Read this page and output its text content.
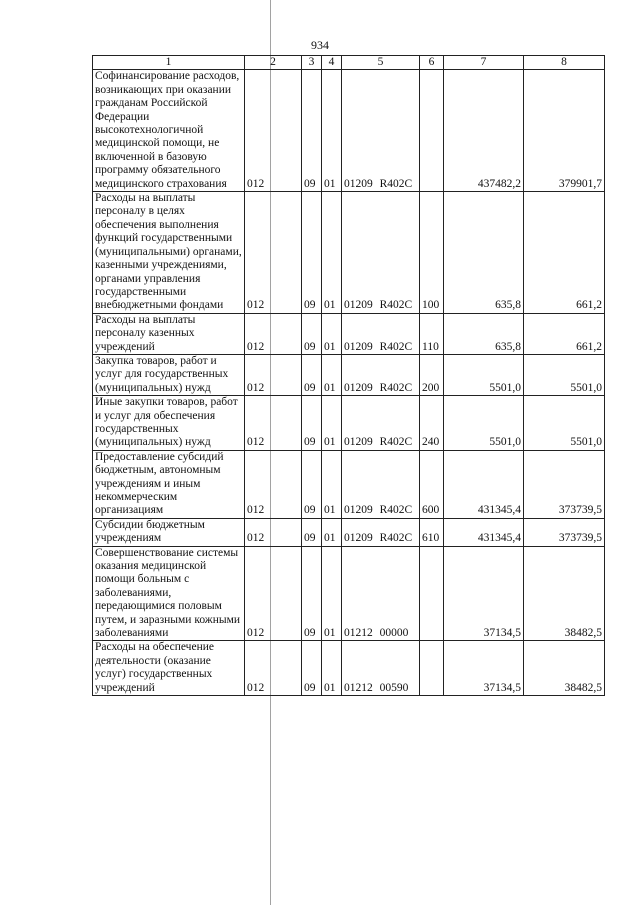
934
1	2	3	4	5	6	7	8
Софинансирование расходов, возникающих при оказании гражданам Российской Федерации высокотехнологичной медицинской помощи, не включенной в базовую программу обязательного медицинского страхования	012	09	01	01209 R402C		437482,2	379901,7
Расходы на выплаты персоналу в целях обеспечения выполнения функций государственными (муниципальными) органами, казенными учреждениями, органами управления государственными внебюджетными фондами	012	09	01	01209 R402C	100	635,8	661,2
Расходы на выплаты персоналу казенных учреждений	012	09	01	01209 R402C	110	635,8	661,2
Закупка товаров, работ и услуг для государственных (муниципальных) нужд	012	09	01	01209 R402C	200	5501,0	5501,0
Иные закупки товаров, работ и услуг для обеспечения государственных (муниципальных) нужд	012	09	01	01209 R402C	240	5501,0	5501,0
Предоставление субсидий бюджетным, автономным учреждениям и иным некоммерческим организациям	012	09	01	01209 R402C	600	431345,4	373739,5
Субсидии бюджетным учреждениям	012	09	01	01209 R402C	610	431345,4	373739,5
Совершенствование системы оказания медицинской помощи больным с заболеваниями, передающимися половым путем, и заразными кожными заболеваниями	012	09	01	01212 00000		37134,5	38482,5
Расходы на обеспечение деятельности (оказание услуг) государственных учреждений	012	09	01	01212 00590		37134,5	38482,5
